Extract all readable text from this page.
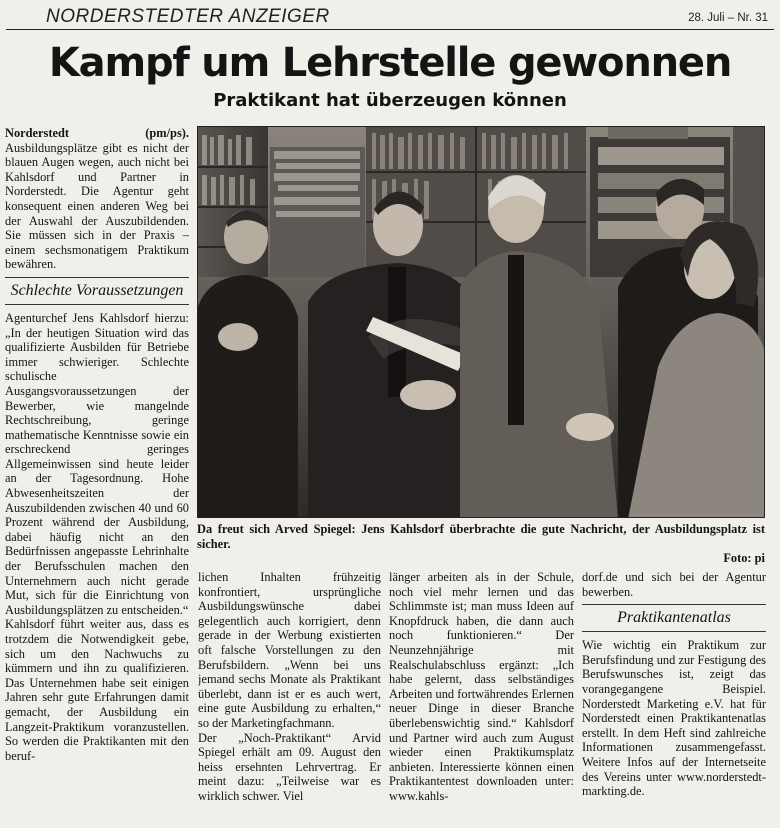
NORDERSTEDTER ANZEIGER	28. Juli – Nr. 31
Kampf um Lehrstelle gewonnen
Praktikant hat überzeugen können

Norderstedt (pm/ps). Ausbildungsplätze gibt es nicht der blauen Augen wegen, auch nicht bei Kahlsdorf und Partner in Norderstedt. Die Agentur geht konsequent einen anderen Weg bei der Auswahl der Auszubildenden. Sie müssen sich in der Praxis – einem sechsmonatigem Praktikum bewähren.

Schlechte Voraussetzungen

Agenturchef Jens Kahlsdorf hierzu: „In der heutigen Situation wird das qualifizierte Ausbilden für Betriebe immer schwieriger. Schlechte schulische Ausgangsvoraussetzungen der Bewerber, wie mangelnde Rechtschreibung, geringe mathematische Kenntnisse sowie ein erschreckend geringes Allgemeinwissen sind heute leider an der Tagesordnung. Hohe Abwesenheitszeiten der Auszubildenden zwischen 40 und 60 Prozent während der Ausbildung, dabei häufig nicht an den Bedürfnissen angepasste Lehrinhalte der Berufsschulen machen den Unternehmern auch nicht gerade Mut, sich für die Einrichtung von Ausbildungsplätzen zu entscheiden.“

Kahlsdorf führt weiter aus, dass es trotzdem die Notwendigkeit gebe, sich um den Nachwuchs zu kümmern und ihn zu qualifizieren. Das Unternehmen habe seit einigen Jahren sehr gute Erfahrungen damit gemacht, der Ausbildung ein Langzeit-Praktikum voranzustellen. So werden die Praktikanten mit den beruf-

Da freut sich Arved Spiegel: Jens Kahlsdorf überbrachte die gute Nachricht, der Ausbildungsplatz ist sicher.
Foto: pi

lichen Inhalten frühzeitig konfrontiert, ursprüngliche Ausbildungswünsche dabei gelegentlich auch korrigiert, denn gerade in der Werbung existierten oft falsche Vorstellungen zu den Berufsbildern. „Wenn bei uns jemand sechs Monate als Praktikant überlebt, dann ist er es auch wert, eine gute Ausbildung zu erhalten,“ so der Marketingfachmann.

Der „Noch-Praktikant“ Arvid Spiegel erhält am 09. August den heiss ersehnten Lehrvertrag. Er meint dazu: „Teilweise war es wirklich schwer. Viel

länger arbeiten als in der Schule, noch viel mehr lernen und das Schlimmste ist; man muss Ideen auf Knopfdruck haben, die dann auch noch funktionieren.“ Der Neunzehnjährige mit Realschulabschluss ergänzt: „Ich habe gelernt, dass selbständiges Arbeiten und fortwährendes Erlernen neuer Dinge in dieser Branche überlebenswichtig sind.“ Kahlsdorf und Partner wird auch zum August wieder einen Praktikumsplatz anbieten. Interessierte können einen Praktikantentest downloaden unter: www.kahls-

dorf.de und sich bei der Agentur bewerben.

Praktikantenatlas

Wie wichtig ein Praktikum zur Berufsfindung und zur Festigung des Berufswunsches ist, zeigt das vorangegangene Beispiel. Norderstedt Marketing e.V. hat für Norderstedt einen Praktikantenatlas erstellt. In dem Heft sind zahlreiche Informationen zusammengefasst. Weitere Infos auf der Internetseite des Vereins unter www.norderstedt-markting.de.
